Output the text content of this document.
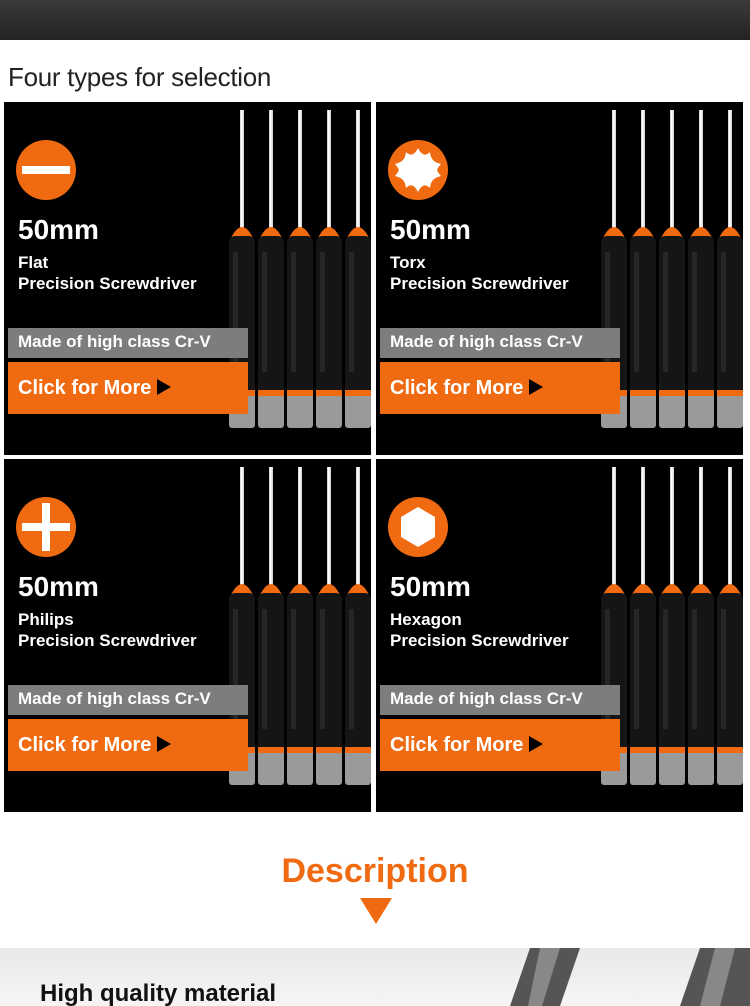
Four types for selection
50mm
Flat
Precision Screwdriver
Made of high class Cr-V
Click for More
50mm
Torx
Precision Screwdriver
Made of high class Cr-V
Click for More
50mm
Philips
Precision Screwdriver
Made of high class Cr-V
Click for More
50mm
Hexagon
Precision Screwdriver
Made of high class Cr-V
Click for More
Description
High quality material
